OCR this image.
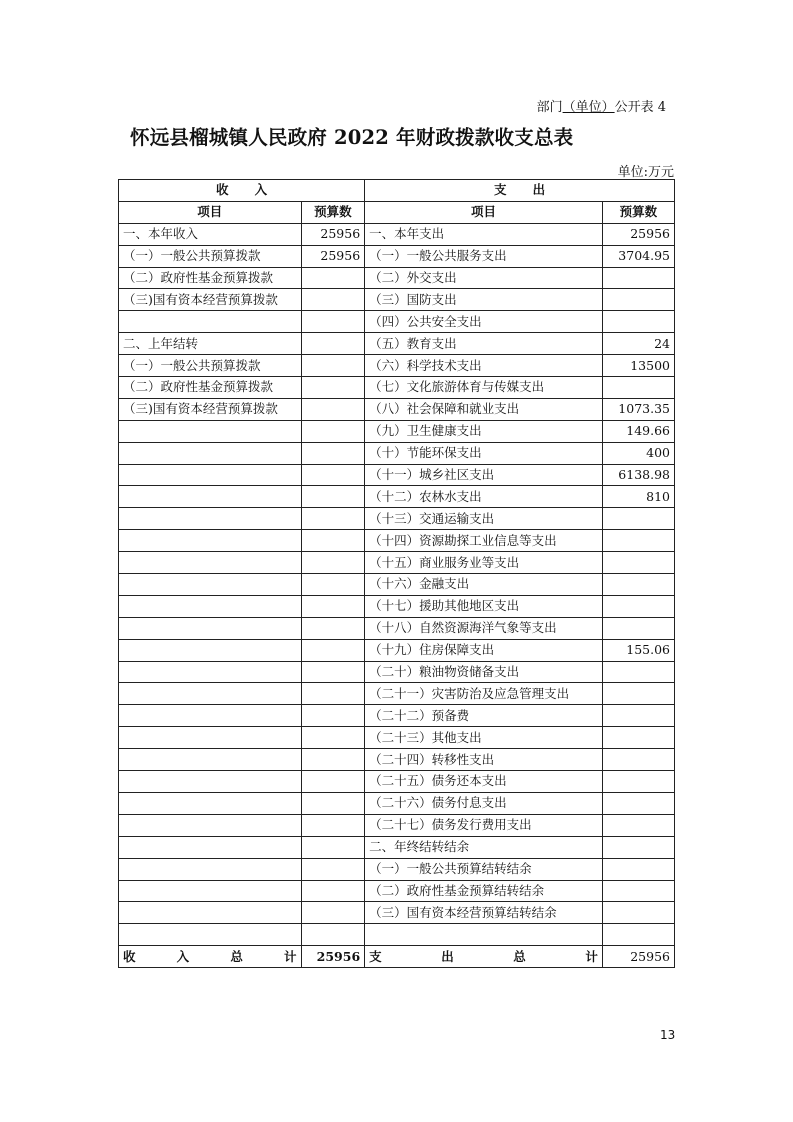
部门（单位）公开表 4
怀远县榴城镇人民政府 2022 年财政拨款收支总表
单位:万元
收      入		支      出	
项目	预算数	项目	预算数
一、本年收入	25956	一、本年支出	25956
（一）一般公共预算拨款	25956	（一）一般公共服务支出	3704.95
（二）政府性基金预算拨款		（二）外交支出	
（三)国有资本经营预算拨款		（三）国防支出	
		（四）公共安全支出	
二、上年结转		（五）教育支出	24
（一）一般公共预算拨款		（六）科学技术支出	13500
（二）政府性基金预算拨款		（七）文化旅游体育与传媒支出	
（三)国有资本经营预算拨款		（八）社会保障和就业支出	1073.35
		（九）卫生健康支出	149.66
		（十）节能环保支出	400
		（十一）城乡社区支出	6138.98
		（十二）农林水支出	810
		（十三）交通运输支出	
		（十四）资源勘探工业信息等支出	
		（十五）商业服务业等支出	
		（十六）金融支出	
		（十七）援助其他地区支出	
		（十八）自然资源海洋气象等支出	
		（十九）住房保障支出	155.06
		（二十）粮油物资储备支出	
		（二十一）灾害防治及应急管理支出	
		（二十二）预备费	
		（二十三）其他支出	
		（二十四）转移性支出	
		（二十五）债务还本支出	
		（二十六）债务付息支出	
		（二十七）债务发行费用支出	
		二、年终结转结余	
		（一）一般公共预算结转结余	
		（二）政府性基金预算结转结余	
		（三）国有资本经营预算结转结余	

收入总计	25956	支出总计	25956
13
